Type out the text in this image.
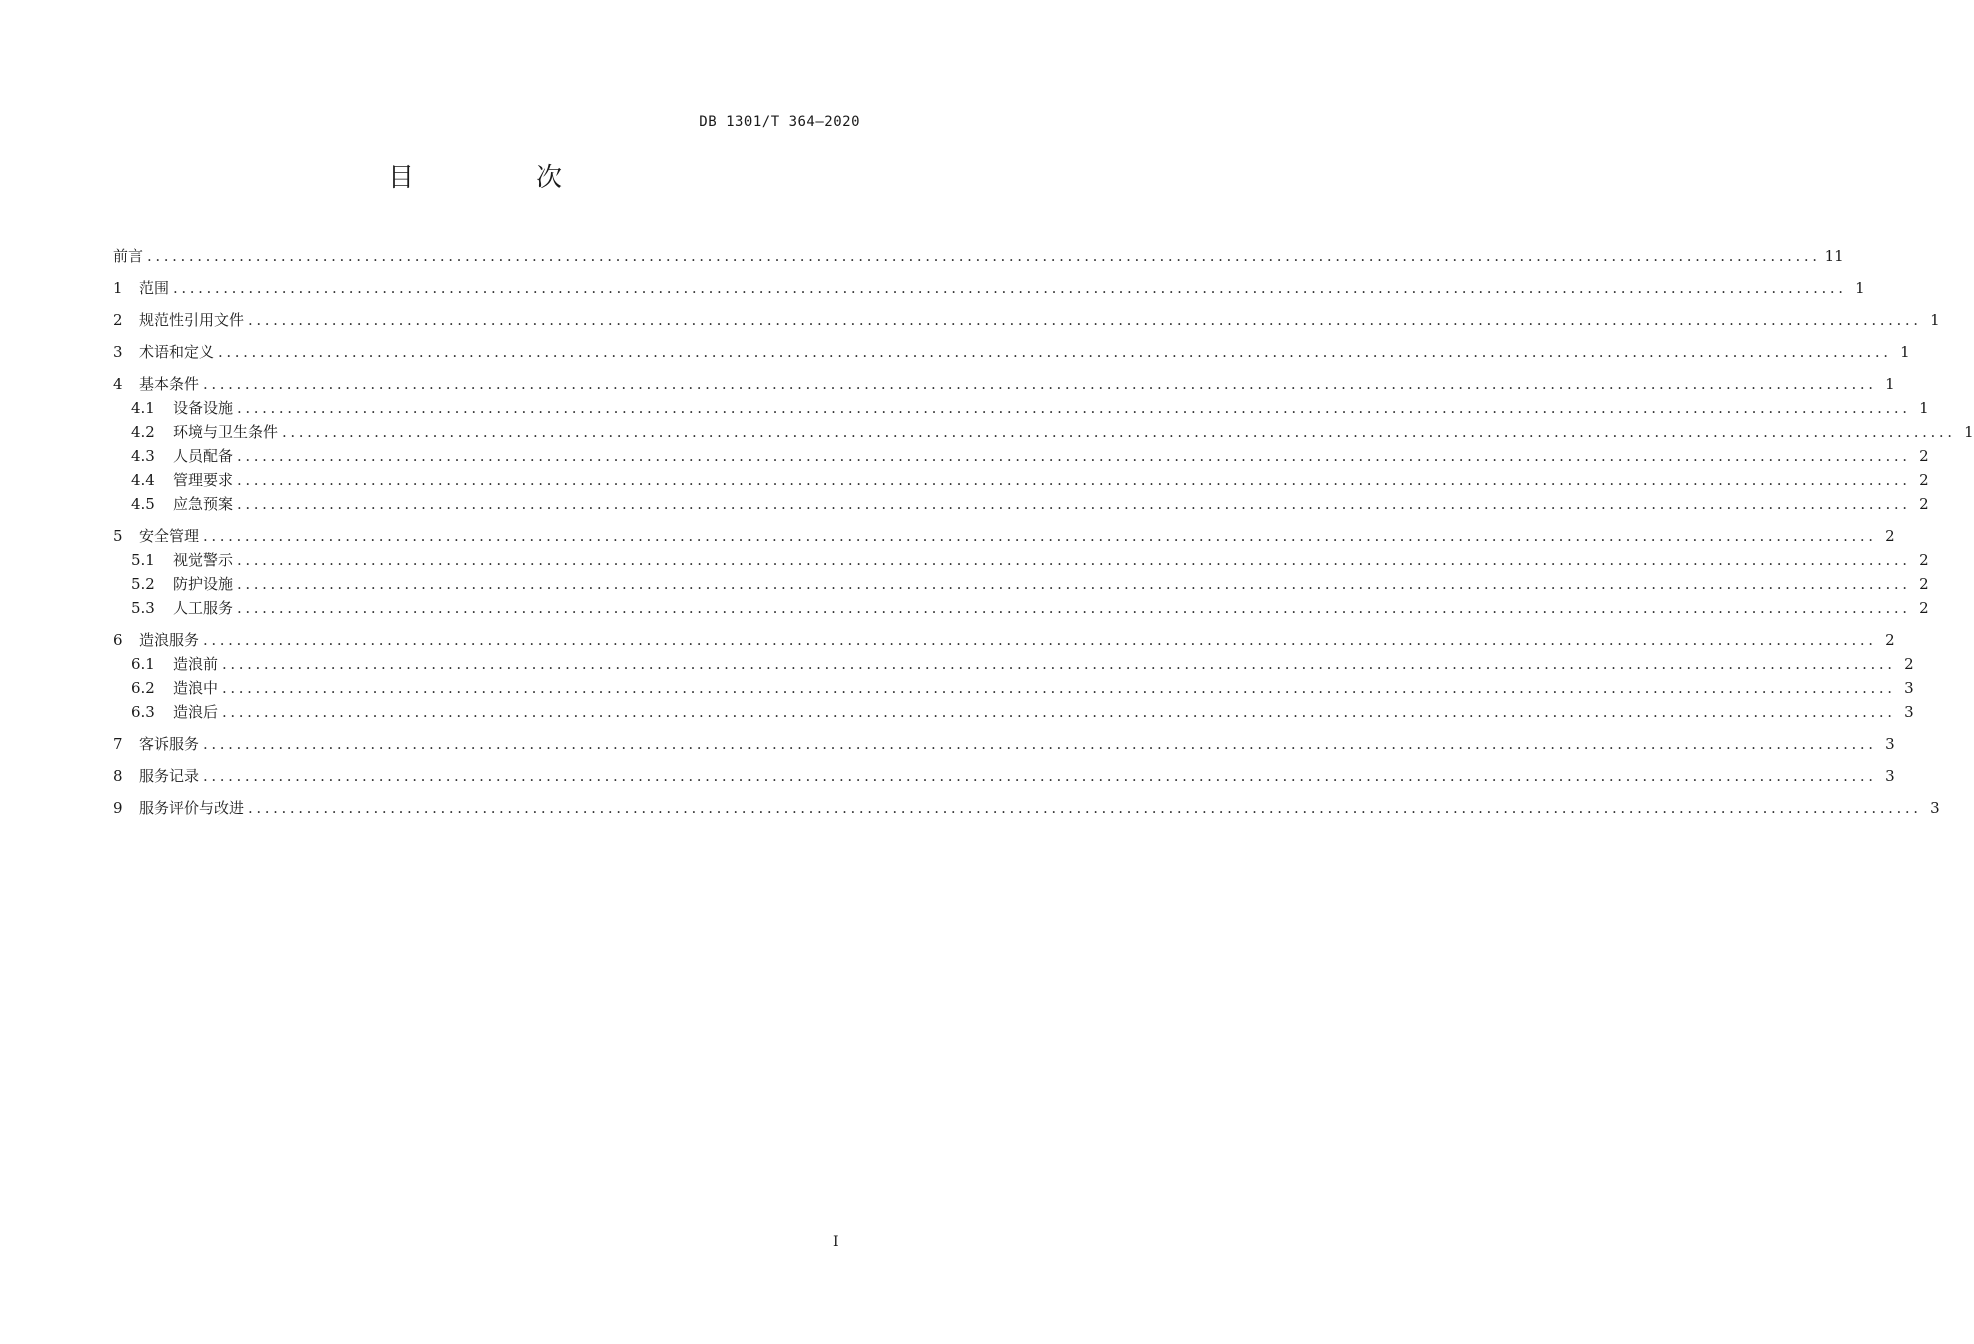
DB 1301/T 364—2020
目　次
前言 ........................................................................................................................................................................................................ 11
1	范围 ........................................................................................................................................................................................................ 1
2	规范性引用文件 ........................................................................................................................................................................................................ 1
3	术语和定义 ........................................................................................................................................................................................................ 1
4	基本条件 ........................................................................................................................................................................................................ 1
4.1	设备设施 ........................................................................................................................................................................................................ 1
4.2	环境与卫生条件 ........................................................................................................................................................................................................ 1
4.3	人员配备 ........................................................................................................................................................................................................ 2
4.4	管理要求 ........................................................................................................................................................................................................ 2
4.5	应急预案 ........................................................................................................................................................................................................ 2
5	安全管理 ........................................................................................................................................................................................................ 2
5.1	视觉警示 ........................................................................................................................................................................................................ 2
5.2	防护设施 ........................................................................................................................................................................................................ 2
5.3	人工服务 ........................................................................................................................................................................................................ 2
6	造浪服务 ........................................................................................................................................................................................................ 2
6.1	造浪前 ........................................................................................................................................................................................................ 2
6.2	造浪中 ........................................................................................................................................................................................................ 3
6.3	造浪后 ........................................................................................................................................................................................................ 3
7	客诉服务 ........................................................................................................................................................................................................ 3
8	服务记录 ........................................................................................................................................................................................................ 3
9	服务评价与改进 ........................................................................................................................................................................................................ 3
I
